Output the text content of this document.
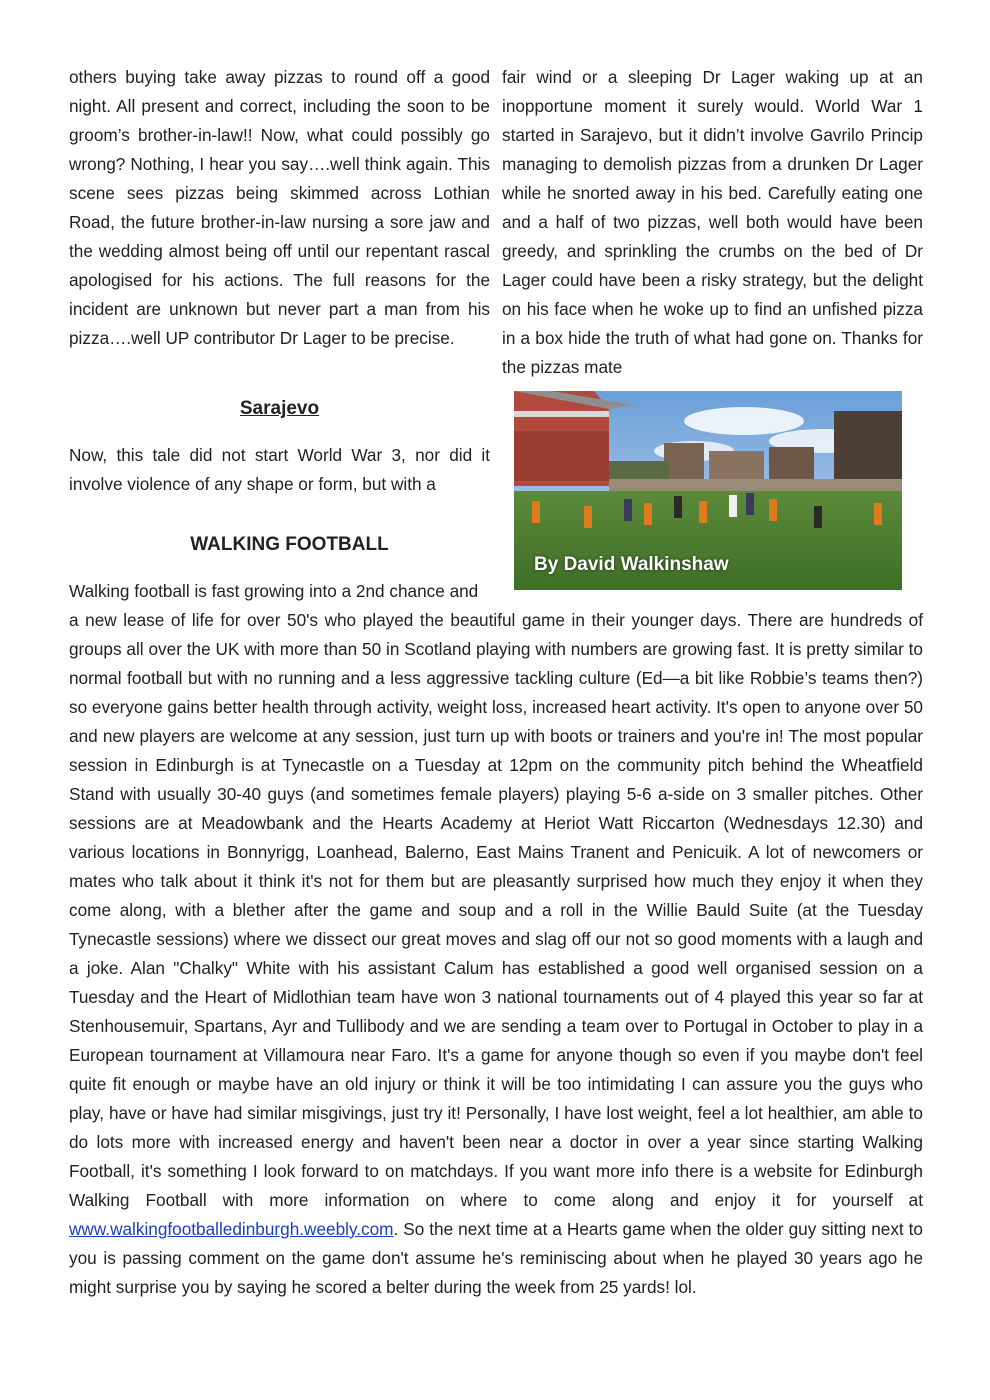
others buying take away pizzas to round off a good night. All present and correct, including the soon to be groom’s brother-in-law!! Now, what could possibly go wrong? Nothing, I hear you say….well think again. This scene sees pizzas being skimmed across Lothian Road, the future brother-in-law nursing a sore jaw and the wedding almost being off until our repentant rascal apologised for his actions. The full reasons for the incident are unknown but never part a man from his pizza….well UP contributor Dr Lager to be precise.

fair wind or a sleeping Dr Lager waking up at an inopportune moment it surely would. World War 1 started in Sarajevo, but it didn’t involve Gavrilo Princip managing to demolish pizzas from a drunken Dr Lager while he snorted away in his bed. Carefully eating one and a half of two pizzas, well both would have been greedy, and sprinkling the crumbs on the bed of Dr Lager could have been a risky strategy, but the delight on his face when he woke up to find an unfished pizza in a box hide the truth of what had gone on. Thanks for the pizzas mate

Sarajevo
Now, this tale did not start World War 3, nor did it involve violence of any shape or form, but with a
By David Walkinshaw
WALKING FOOTBALL
Walking football is fast growing into a 2nd chance and
a new lease of life for over 50's who played the beautiful game in their younger days. There are hundreds of groups all over the UK with more than 50 in Scotland playing with numbers are growing fast. It is pretty similar to normal football but with no running and a less aggressive tackling culture (Ed—a bit like Robbie’s teams then?) so everyone gains better health through activity, weight loss, increased heart activity. It's open to anyone over 50 and new players are welcome at any session, just turn up with boots or trainers and you're in! The most popular session in Edinburgh is at Tynecastle on a Tuesday at 12pm on the community pitch behind the Wheatfield Stand with usually 30-40 guys (and sometimes female players) playing 5-6 a-side on 3 smaller pitches. Other sessions are at Meadowbank and the Hearts Academy at Heriot Watt Riccarton (Wednesdays 12.30) and various locations in Bonnyrigg, Loanhead, Balerno, East Mains Tranent and Penicuik. A lot of newcomers or mates who talk about it think it's not for them but are pleasantly surprised how much they enjoy it when they come along, with a blether after the game and soup and a roll in the Willie Bauld Suite (at the Tuesday Tynecastle sessions) where we dissect our great moves and slag off our not so good moments with a laugh and a joke. Alan "Chalky" White with his assistant Calum has established a good well organised session on a Tuesday and the Heart of Midlothian team have won 3 national tournaments out of 4 played this year so far at Stenhousemuir, Spartans, Ayr and Tullibody and we are sending a team over to Portugal in October to play in a European tournament at Villamoura near Faro. It's a game for anyone though so even if you maybe don't feel quite fit enough or maybe have an old injury or think it will be too intimidating I can assure you the guys who play, have or have had similar misgivings, just try it! Personally, I have lost weight, feel a lot healthier, am able to do lots more with increased energy and haven't been near a doctor in over a year since starting Walking Football, it's something I look forward to on matchdays. If you want more info there is a website for Edinburgh Walking Football with more information on where to come along and enjoy it for yourself at www.walkingfootballedinburgh.weebly.com. So the next time at a Hearts game when the older guy sitting next to you is passing comment on the game don't assume he's reminiscing about when he played 30 years ago he might surprise you by saying he scored a belter during the week from 25 yards! lol.
